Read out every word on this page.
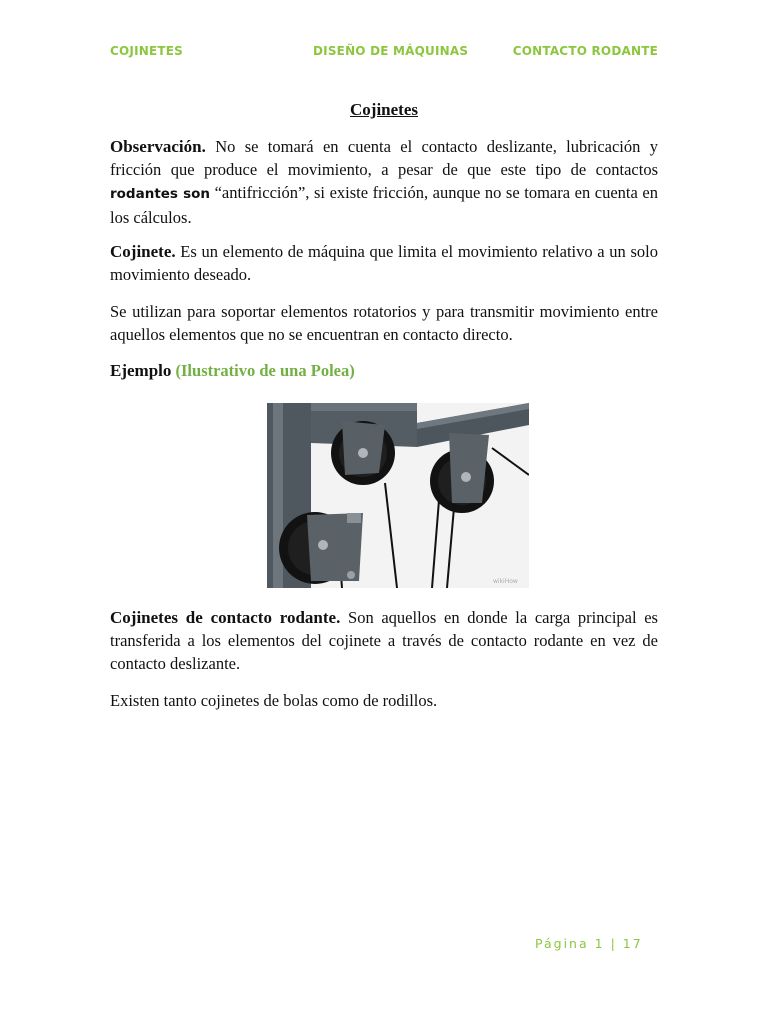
COJINETES	DISEÑO DE MÁQUINAS	CONTACTO RODANTE
Cojinetes

Observación. No se tomará en cuenta el contacto deslizante, lubricación y fricción que produce el movimiento, a pesar de que este tipo de contactos rodantes son “antifricción”, si existe fricción, aunque no se tomara en cuenta en los cálculos.

Cojinete. Es un elemento de máquina que limita el movimiento relativo a un solo movimiento deseado.

Se utilizan para soportar elementos rotatorios y para transmitir movimiento entre aquellos elementos que no se encuentran en contacto directo.

Ejemplo (Ilustrativo de una Polea)

Cojinetes de contacto rodante. Son aquellos en donde la carga principal es transferida a los elementos del cojinete a través de contacto rodante en vez de contacto deslizante.

Existen tanto cojinetes de bolas como de rodillos.

wikiHow
Página 1 | 17
